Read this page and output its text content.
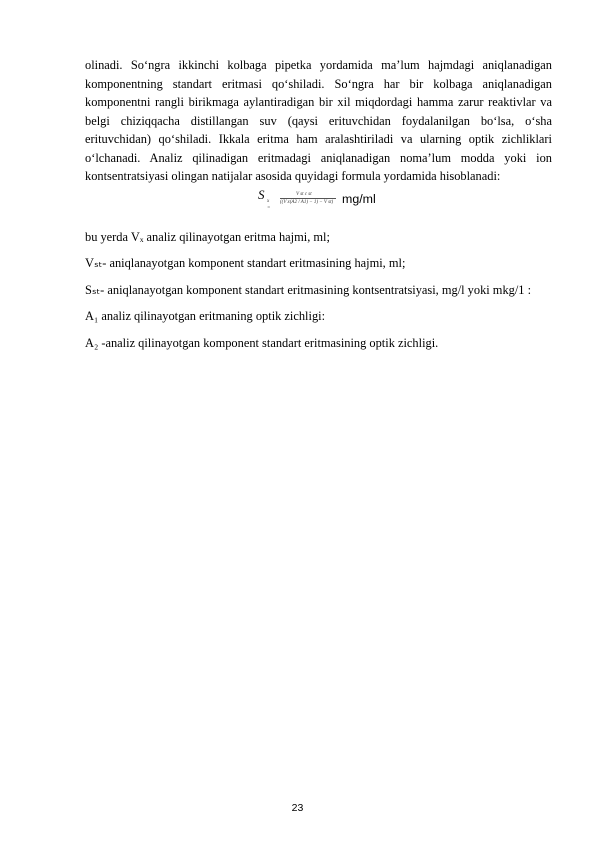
olinadi. So‘ngra ikkinchi kolbaga pipetka yordamida ma’lum hajmdagi aniqlanadigan komponentning standart eritmasi qo‘shiladi. So‘ngra har bir kolbaga aniqlanadigan komponentni rangli birikmaga aylantiradigan bir xil miqdordagi hamma zarur reaktivlar va belgi chiziqqacha distillangan suv (qaysi erituvchidan foydalanilgan bo‘lsa, o‘sha erituvchidan) qo‘shiladi. Ikkala eritma ham aralashtiriladi va ularning optik zichliklari o‘lchanadi. Analiz qilinadigan eritmadagi aniqlanadigan noma’lum modda yoki ion kontsentratsiyasi olingan natijalar asosida quyidagi formula yordamida hisoblanadi:

S x =
V st c st
((V x(A2 / A1) − 1) − V st) mg/ml

bu yerda Vₓ analiz qilinayotgan eritma hajmi, ml;

Vₛₜ- aniqlanayotgan komponent standart eritmasining hajmi, ml;

Sₛₜ- aniqlanayotgan komponent standart eritmasining kontsentratsiyasi, mg/l yoki mkg/1 :

A₁ analiz qilinayotgan eritmaning optik zichligi:

A₂ -analiz qilinayotgan komponent standart eritmasining optik zichligi.

23
